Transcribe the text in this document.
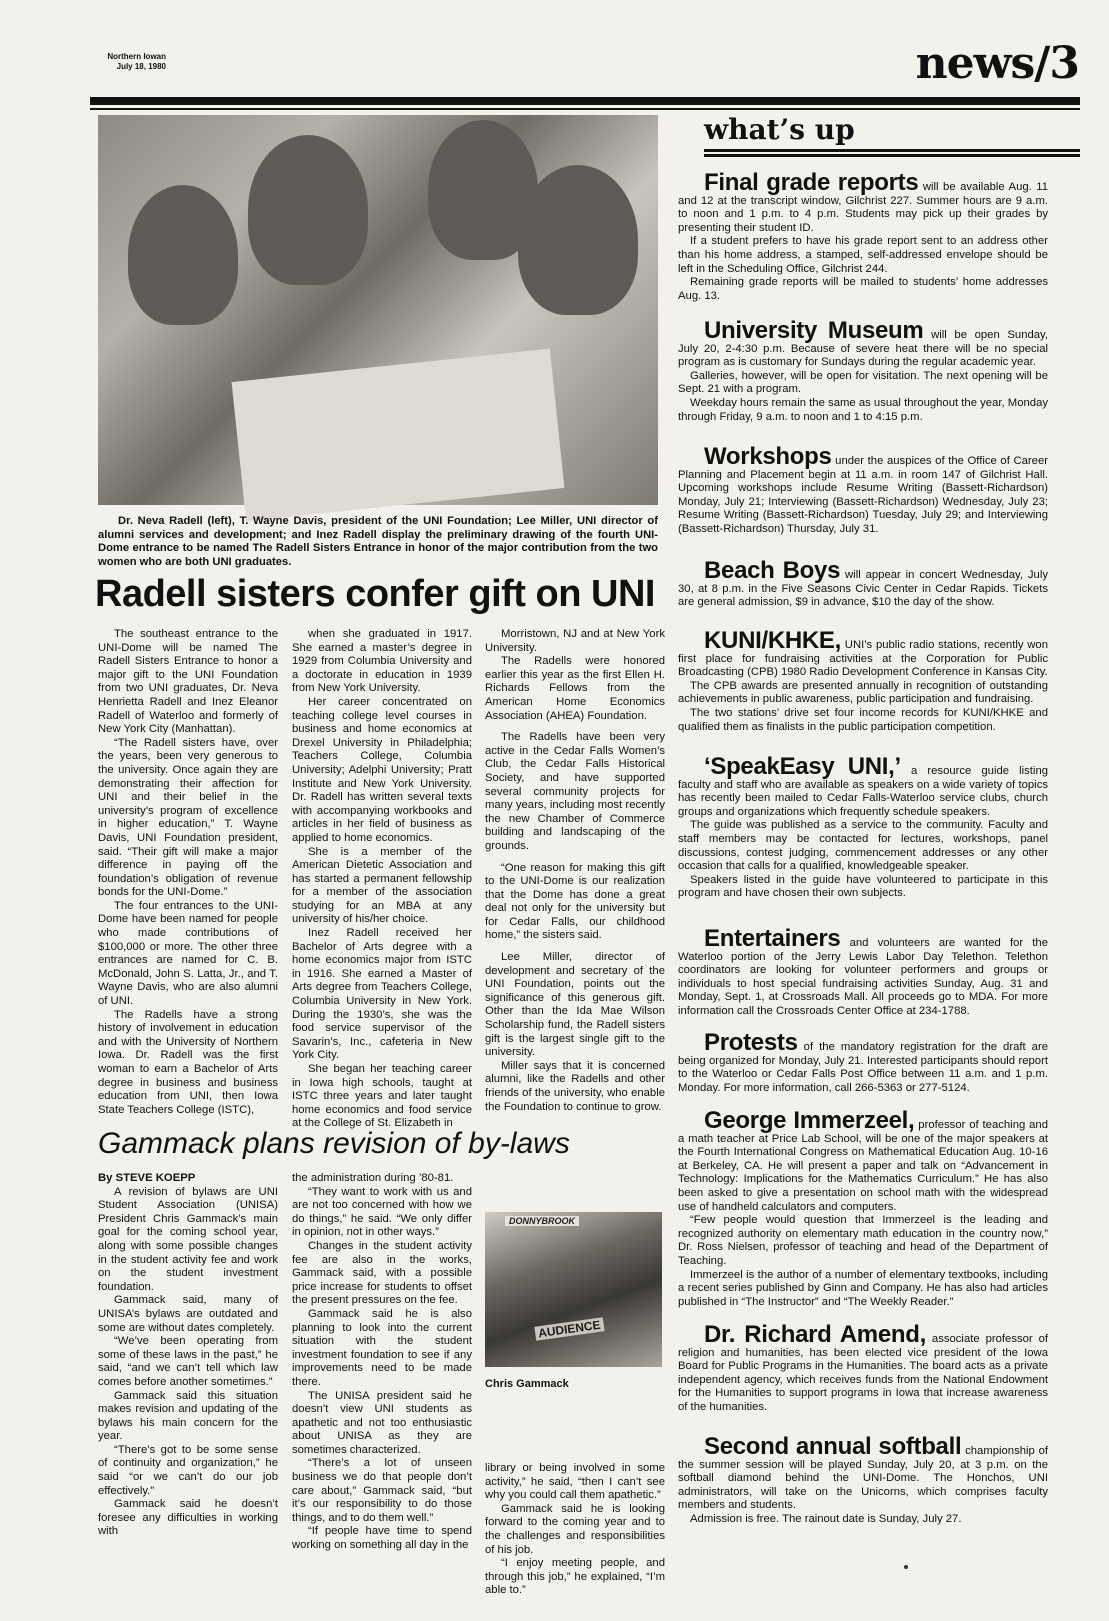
Northern Iowan
July 18, 1980	news/3
Dr. Neva Radell (left), T. Wayne Davis, president of the UNI Foundation; Lee Miller, UNI director of alumni services and development; and Inez Radell display the preliminary drawing of the fourth UNI-Dome entrance to be named The Radell Sisters Entrance in honor of the major contribution from the two women who are both UNI graduates.
Radell sisters confer gift on UNI

The southeast entrance to the UNI-Dome will be named The Radell Sisters Entrance to honor a major gift to the UNI Foundation from two UNI graduates, Dr. Neva Henrietta Radell and Inez Eleanor Radell of Waterloo and formerly of New York City (Manhattan).

“The Radell sisters have, over the years, been very generous to the university. Once again they are demonstrating their affection for UNI and their belief in the university’s program of excellence in higher education,” T. Wayne Davis, UNI Foundation president, said. “Their gift will make a major difference in paying off the foundation’s obligation of revenue bonds for the UNI-Dome.”

The four entrances to the UNI-Dome have been named for people who made contributions of $100,000 or more. The other three entrances are named for C. B. McDonald, John S. Latta, Jr., and T. Wayne Davis, who are also alumni of UNI.

The Radells have a strong history of involvement in education and with the University of Northern Iowa. Dr. Radell was the first woman to earn a Bachelor of Arts degree in business and business education from UNI, then Iowa State Teachers College (ISTC),

when she graduated in 1917. She earned a master’s degree in 1929 from Columbia University and a doctorate in education in 1939 from New York University.

Her career concentrated on teaching college level courses in business and home economics at Drexel University in Philadelphia; Teachers College, Columbia University; Adelphi University; Pratt Institute and New York University. Dr. Radell has written several texts with accompanying workbooks and articles in her field of business as applied to home economics.

She is a member of the American Dietetic Association and has started a permanent fellowship for a member of the association studying for an MBA at any university of his/her choice.

Inez Radell received her Bachelor of Arts degree with a home economics major from ISTC in 1916. She earned a Master of Arts degree from Teachers College, Columbia University in New York. During the 1930’s, she was the food service supervisor of the Savarin’s, Inc., cafeteria in New York City.

She began her teaching career in Iowa high schools, taught at ISTC three years and later taught home economics and food service at the College of St. Elizabeth in

Morristown, NJ and at New York University.

The Radells were honored earlier this year as the first Ellen H. Richards Fellows from the American Home Economics Association (AHEA) Foundation.

The Radells have been very active in the Cedar Falls Women’s Club, the Cedar Falls Historical Society, and have supported several community projects for many years, including most recently the new Chamber of Commerce building and landscaping of the grounds.

“One reason for making this gift to the UNI-Dome is our realization that the Dome has done a great deal not only for the university but for Cedar Falls, our childhood home,” the sisters said.

Lee Miller, director of development and secretary of the UNI Foundation, points out the significance of this generous gift. Other than the Ida Mae Wilson Scholarship fund, the Radell sisters gift is the largest single gift to the university.

Miller says that it is concerned alumni, like the Radells and other friends of the university, who enable the Foundation to continue to grow.

Gammack plans revision of by-laws

By STEVE KOEPP

A revision of bylaws are UNI Student Association (UNISA) President Chris Gammack’s main goal for the coming school year, along with some possible changes in the student activity fee and work on the student investment foundation.

Gammack said, many of UNISA’s bylaws are outdated and some are without dates completely.

“We’ve been operating from some of these laws in the past,” he said, “and we can’t tell which law comes before another sometimes.”

Gammack said this situation makes revision and updating of the bylaws his main concern for the year.

“There’s got to be some sense of continuity and organization,” he said “or we can’t do our job effectively.”

Gammack said he doesn’t foresee any difficulties in working with

the administration during ’80-81.

“They want to work with us and are not too concerned with how we do things,” he said. “We only differ in opinion, not in other ways.”

Changes in the student activity fee are also in the works, Gammack said, with a possible price increase for students to offset the present pressures on the fee.

Gammack said he is also planning to look into the current situation with the student investment foundation to see if any improvements need to be made there.

The UNISA president said he doesn’t view UNI students as apathetic and not too enthusiastic about UNISA as they are sometimes characterized.

“There’s a lot of unseen business we do that people don’t care about,” Gammack said, “but it’s our responsibility to do those things, and to do them well.”

“If people have time to spend working on something all day in the

DONNYBROOK
AUDIENCE
Chris Gammack

library or being involved in some activity,” he said, “then I can’t see why you could call them apathetic.”

Gammack said he is looking forward to the coming year and to the challenges and responsibilities of his job.

“I enjoy meeting people, and through this job,” he explained, “I’m able to.”

what’s up

Final grade reports will be available Aug. 11 and 12 at the transcript window, Gilchrist 227. Summer hours are 9 a.m. to noon and 1 p.m. to 4 p.m. Students may pick up their grades by presenting their student ID.

If a student prefers to have his grade report sent to an address other than his home address, a stamped, self-addressed envelope should be left in the Scheduling Office, Gilchrist 244.

Remaining grade reports will be mailed to students’ home addresses Aug. 13.

University Museum will be open Sunday, July 20, 2-4:30 p.m. Because of severe heat there will be no special program as is customary for Sundays during the regular academic year.

Galleries, however, will be open for visitation. The next opening will be Sept. 21 with a program.

Weekday hours remain the same as usual throughout the year, Monday through Friday, 9 a.m. to noon and 1 to 4:15 p.m.

Workshops under the auspices of the Office of Career Planning and Placement begin at 11 a.m. in room 147 of Gilchrist Hall. Upcoming workshops include Resume Writing (Bassett-Richardson) Monday, July 21; Interviewing (Bassett-Richardson) Wednesday, July 23; Resume Writing (Bassett-Richardson) Tuesday, July 29; and Interviewing (Bassett-Richardson) Thursday, July 31.

Beach Boys will appear in concert Wednesday, July 30, at 8 p.m. in the Five Seasons Civic Center in Cedar Rapids. Tickets are general admission, $9 in advance, $10 the day of the show.

KUNI/KHKE, UNI’s public radio stations, recently won first place for fundraising activities at the Corporation for Public Broadcasting (CPB) 1980 Radio Development Conference in Kansas City.

The CPB awards are presented annually in recognition of outstanding achievements in public awareness, public participation and fundraising.

The two stations’ drive set four income records for KUNI/KHKE and qualified them as finalists in the public participation competition.

‘SpeakEasy UNI,’ a resource guide listing faculty and staff who are available as speakers on a wide variety of topics has recently been mailed to Cedar Falls-Waterloo service clubs, church groups and organizations which frequently schedule speakers.

The guide was published as a service to the community. Faculty and staff members may be contacted for lectures, workshops, panel discussions, contest judging, commencement addresses or any other occasion that calls for a qualified, knowledgeable speaker.

Speakers listed in the guide have volunteered to participate in this program and have chosen their own subjects.

Entertainers and volunteers are wanted for the Waterloo portion of the Jerry Lewis Labor Day Telethon. Telethon coordinators are looking for volunteer performers and groups or individuals to host special fundraising activities Sunday, Aug. 31 and Monday, Sept. 1, at Crossroads Mall. All proceeds go to MDA. For more information call the Crossroads Center Office at 234-1788.

Protests of the mandatory registration for the draft are being organized for Monday, July 21. Interested participants should report to the Waterloo or Cedar Falls Post Office between 11 a.m. and 1 p.m. Monday. For more information, call 266-5363 or 277-5124.

George Immerzeel, professor of teaching and a math teacher at Price Lab School, will be one of the major speakers at the Fourth International Congress on Mathematical Education Aug. 10-16 at Berkeley, CA. He will present a paper and talk on “Advancement in Technology: Implications for the Mathematics Curriculum.” He has also been asked to give a presentation on school math with the widespread use of handheld calculators and computers.

“Few people would question that Immerzeel is the leading and recognized authority on elementary math education in the country now,” Dr. Ross Nielsen, professor of teaching and head of the Department of Teaching.

Immerzeel is the author of a number of elementary textbooks, including a recent series published by Ginn and Company. He has also had articles published in “The Instructor” and “The Weekly Reader.”

Dr. Richard Amend, associate professor of religion and humanities, has been elected vice president of the Iowa Board for Public Programs in the Humanities. The board acts as a private independent agency, which receives funds from the National Endowment for the Humanities to support programs in Iowa that increase awareness of the humanities.

Second annual softball championship of the summer session will be played Sunday, July 20, at 3 p.m. on the softball diamond behind the UNI-Dome. The Honchos, UNI administrators, will take on the Unicorns, which comprises faculty members and students.

Admission is free. The rainout date is Sunday, July 27.
